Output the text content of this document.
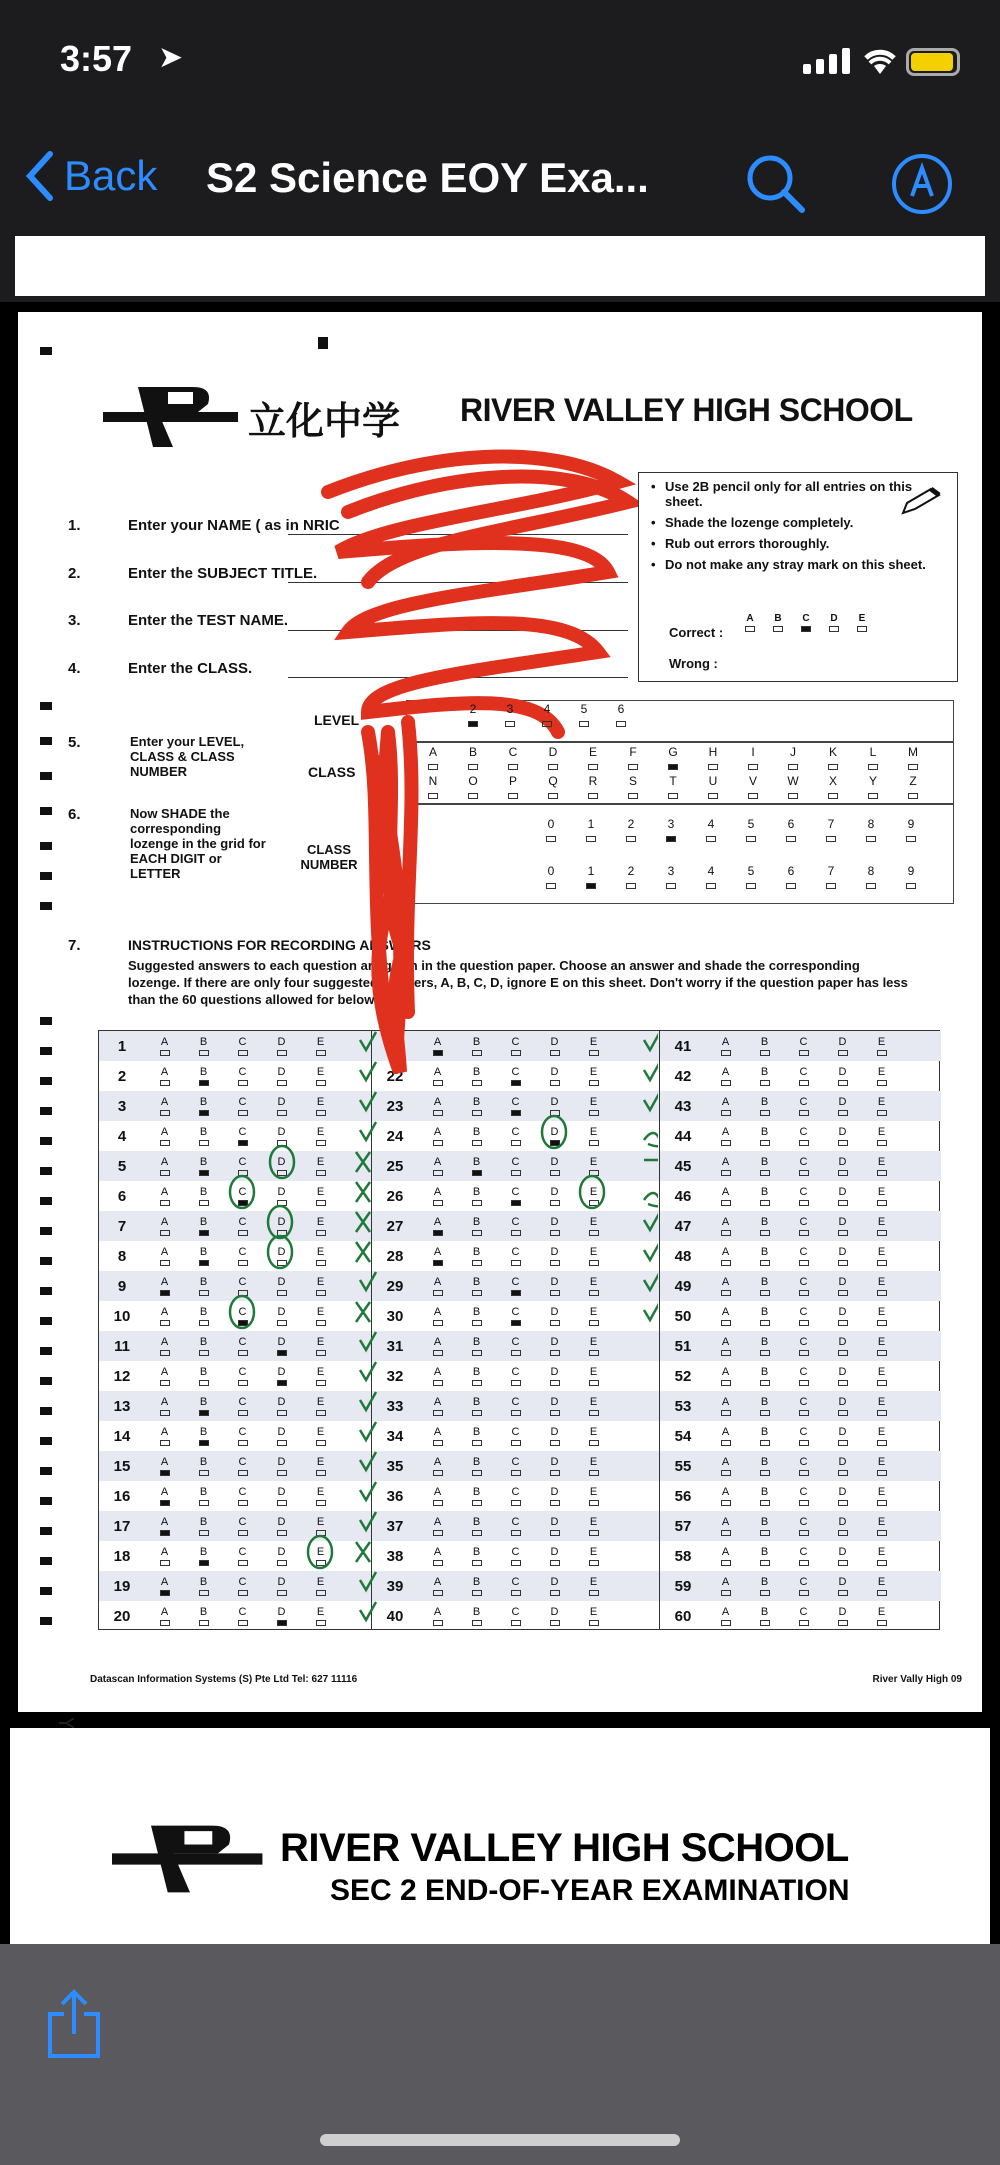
3:57 ➤
Back S2 Science EOY Exa...
立化中学 RIVER VALLEY HIGH SCHOOL
1.	Enter your NAME ( as in NRIC
2.	Enter the SUBJECT TITLE.
3.	Enter the TEST NAME.
4.	Enter the CLASS.
• Use 2B pencil only for all entries on this sheet.
• Shade the lozenge completely.
• Rub out errors thoroughly.
• Do not make any stray mark on this sheet.
Correct :
Wrong :
A B C D E

5.	Enter your LEVEL, CLASS & CLASS NUMBER
6.	Now SHADE the corresponding lozenge in the grid for EACH DIGIT or LETTER
LEVEL
CLASS
CLASS NUMBER
7.	INSTRUCTIONS FOR RECORDING ANSWERS
Suggested answers to each question are given in the question paper. Choose an answer and shade the corresponding lozenge. If there are only four suggested answers, A, B, C, D, ignore E on this sheet. Don't worry if the question paper has less than the 60 questions allowed for below.
1	A	B	C	D	E
2	A	B	C	D	E
3	A	B	C	D	E
4	A	B	C	D	E
5	A	B	C	D	E
6	A	B	C	D	E
7	A	B	C	D	E
8	A	B	C	D	E
9	A	B	C	D	E
10	A	B	C	D	E
11	A	B	C	D	E
12	A	B	C	D	E
13	A	B	C	D	E
14	A	B	C	D	E
15	A	B	C	D	E
16	A	B	C	D	E
17	A	B	C	D	E
18	A	B	C	D	E
19	A	B	C	D	E
20	A	B	C	D	E
21	A	B	C	D	E
22	A	B	C	D	E
23	A	B	C	D	E
24	A	B	C	D	E
25	A	B	C	D	E
26	A	B	C	D	E
27	A	B	C	D	E
28	A	B	C	D	E
29	A	B	C	D	E
30	A	B	C	D	E
31	A	B	C	D	E
32	A	B	C	D	E
33	A	B	C	D	E
34	A	B	C	D	E
35	A	B	C	D	E
36	A	B	C	D	E
37	A	B	C	D	E
38	A	B	C	D	E
39	A	B	C	D	E
40	A	B	C	D	E
41	A	B	C	D	E
42	A	B	C	D	E
43	A	B	C	D	E
44	A	B	C	D	E
45	A	B	C	D	E
46	A	B	C	D	E
47	A	B	C	D	E
48	A	B	C	D	E
49	A	B	C	D	E
50	A	B	C	D	E
51	A	B	C	D	E
52	A	B	C	D	E
53	A	B	C	D	E
54	A	B	C	D	E
55	A	B	C	D	E
56	A	B	C	D	E
57	A	B	C	D	E
58	A	B	C	D	E
59	A	B	C	D	E
60	A	B	C	D	E
Datascan Information Systems (S) Pte Ltd Tel: 627 11116	River Vally High 09
2	3	4	5	6
A	B	C	D	E	F	G	H	I	J	K	L	M
N	O	P	Q	R	S	T	U	V	W	X	Y	Z
0	1	2	3	4	5	6	7	8	9
0	1	2	3	4	5	6	7	8	9
RIVER VALLEY HIGH SCHOOL
SEC 2 END-OF-YEAR EXAMINATION
